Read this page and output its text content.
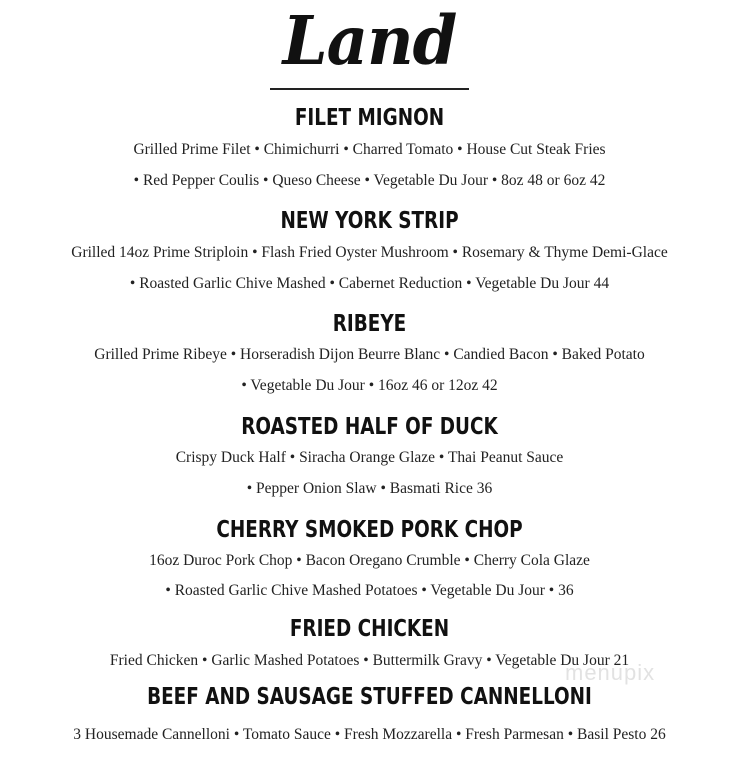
Land
FILET MIGNON
Grilled Prime Filet • Chimichurri • Charred Tomato • House Cut Steak Fries
• Red Pepper Coulis • Queso Cheese • Vegetable Du Jour • 8oz 48 or 6oz 42
NEW YORK STRIP
Grilled 14oz Prime Striploin • Flash Fried Oyster Mushroom • Rosemary & Thyme Demi-Glace
• Roasted Garlic Chive Mashed • Cabernet Reduction • Vegetable Du Jour 44
RIBEYE
Grilled Prime Ribeye • Horseradish Dijon Beurre Blanc • Candied Bacon • Baked Potato
• Vegetable Du Jour • 16oz 46 or 12oz 42
ROASTED HALF OF DUCK
Crispy Duck Half • Siracha Orange Glaze • Thai Peanut Sauce
• Pepper Onion Slaw • Basmati Rice 36
CHERRY SMOKED PORK CHOP
16oz Duroc Pork Chop • Bacon Oregano Crumble • Cherry Cola Glaze
• Roasted Garlic Chive Mashed Potatoes • Vegetable Du Jour • 36
FRIED CHICKEN
Fried Chicken • Garlic Mashed Potatoes • Buttermilk Gravy • Vegetable Du Jour 21
BEEF AND SAUSAGE STUFFED CANNELLONI
3 Housemade Cannelloni • Tomato Sauce • Fresh Mozzarella • Fresh Parmesan • Basil Pesto 26
menupix
